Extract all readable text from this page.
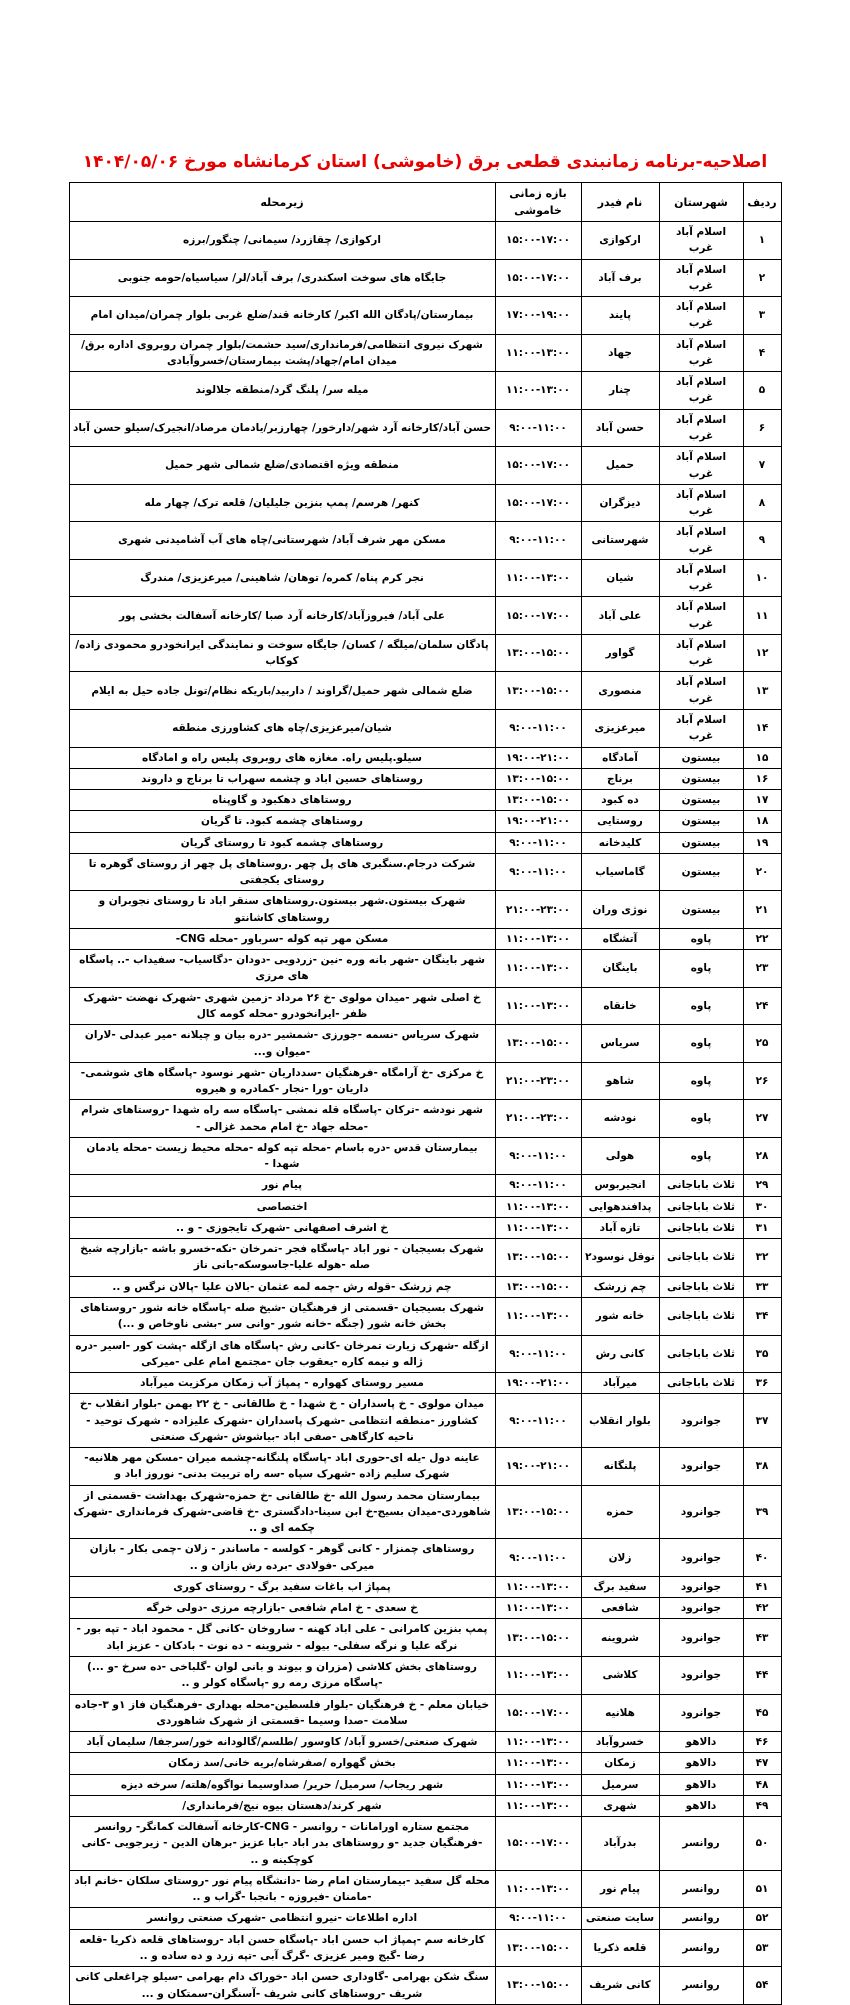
اصلاحیه-برنامه زمانبندی قطعی برق (خاموشی) استان کرمانشاه مورخ ۱۴۰۴/۰۵/۰۶
ردیف	شهرستان	نام فیدر	بازه زمانی خاموشی	زیرمحله
۱	اسلام آباد غرب	ارکوازی	۱۵:۰۰-۱۷:۰۰	ارکوازی/ چقازرد/ سیمانی/ چنگور/برزه
۲	اسلام آباد غرب	برف آباد	۱۵:۰۰-۱۷:۰۰	جایگاه های سوخت اسکندری/ برف آباد/لر/ سیاسیاه/حومه جنوبی
۳	اسلام آباد غرب	پایند	۱۷:۰۰-۱۹:۰۰	بیمارستان/پادگان الله اکبر/ کارخانه قند/ضلع غربی بلوار چمران/میدان امام
۴	اسلام آباد غرب	جهاد	۱۱:۰۰-۱۳:۰۰	شهرک نیروی انتظامی/فرمانداری/سید حشمت/بلوار چمران روبروی اداره برق/میدان امام/جهاد/پشت بیمارستان/خسروآبادی
۵	اسلام آباد غرب	چنار	۱۱:۰۰-۱۳:۰۰	میله سر/ پلنگ گرد/منطقه جلالوند
۶	اسلام آباد غرب	حسن آباد	۹:۰۰-۱۱:۰۰	حسن آباد/کارخانه آرد شهر/دارخور/ چهارزبر/یادمان مرصاد/انجیرک/سیلو حسن آباد
۷	اسلام آباد غرب	حمیل	۱۵:۰۰-۱۷:۰۰	منطقه ویژه اقتصادی/ضلع شمالی شهر حمیل
۸	اسلام آباد غرب	دیزگران	۱۵:۰۰-۱۷:۰۰	کنهر/ هرسم/ پمپ بنزین جلیلیان/ قلعه ترک/ چهار مله
۹	اسلام آباد غرب	شهرستانی	۹:۰۰-۱۱:۰۰	مسکن مهر شرف آباد/ شهرستانی/چاه های آب آشامیدنی شهری
۱۰	اسلام آباد غرب	شیان	۱۱:۰۰-۱۳:۰۰	نجر کرم پناه/ کمره/ توهان/ شاهینی/ میرعزیزی/ مندرگ
۱۱	اسلام آباد غرب	علی آباد	۱۵:۰۰-۱۷:۰۰	علی آباد/ فیروزآباد/کارخانه آرد صبا /کارخانه آسفالت بخشی پور
۱۲	اسلام آباد غرب	گواور	۱۳:۰۰-۱۵:۰۰	پادگان سلمان/میلگه / کسان/ جایگاه سوخت و نمایندگی ایرانخودرو محمودی زاده/کوکاب
۱۳	اسلام آباد غرب	منصوری	۱۳:۰۰-۱۵:۰۰	ضلع شمالی شهر حمیل/گراوند / داربید/باریکه نظام/تونل جاده حیل به ایلام
۱۴	اسلام آباد غرب	میرعزیزی	۹:۰۰-۱۱:۰۰	شیان/میرعزیزی/چاه های کشاورزی منطقه
۱۵	بیستون	آمادگاه	۱۹:۰۰-۲۱:۰۰	سیلو.پلیس راه. مغازه های روبروی پلیس راه و امادگاه
۱۶	بیستون	برناج	۱۳:۰۰-۱۵:۰۰	روستاهای حسین اباد و چشمه سهراب تا برناج و داروند
۱۷	بیستون	ده کبود	۱۳:۰۰-۱۵:۰۰	روستاهای دهکبود و گاوپناه
۱۸	بیستون	روستایی	۱۹:۰۰-۲۱:۰۰	روستاهای چشمه کبود. تا گریان
۱۹	بیستون	کلیدخانه	۹:۰۰-۱۱:۰۰	روستاهای چشمه کبود تا روستای گریان
۲۰	بیستون	گاماسیاب	۹:۰۰-۱۱:۰۰	شرکت درجام.سنگبری های پل چهر .روستاهای پل چهر از روستای گوهره تا روستای یکجفتی
۲۱	بیستون	نوژی وران	۲۱:۰۰-۲۳:۰۰	شهرک بیستون.شهر بیستون.روستاهای سنقر اباد تا روستای نجوبران و روستاهای کاشانتو
۲۲	پاوه	آتشگاه	۱۱:۰۰-۱۳:۰۰	مسکن مهر تپه کوله -سرباور -محله CNG-
۲۳	پاوه	باینگان	۱۱:۰۰-۱۳:۰۰	شهر باینگان -شهر بانه وره -نین -زردویی -دودان -دگاسیاب- سفیداب -.. پاسگاه های مرزی
۲۴	پاوه	خانقاه	۱۱:۰۰-۱۳:۰۰	خ اصلی شهر -میدان مولوی -خ ۲۶ مرداد -زمین شهری -شهرک نهضت -شهرک ظفر -ایرانخودرو -محله کومه کال
۲۵	پاوه	سریاس	۱۳:۰۰-۱۵:۰۰	شهرک سریاس -نسمه -جورزی -شمشیر -دره بیان و چیلانه -میر عبدلی -لاران -میوان و...
۲۶	پاوه	شاهو	۲۱:۰۰-۲۳:۰۰	خ مرکزی -خ آرامگاه -فرهنگیان -سدداریان -شهر نوسود -پاسگاه های شوشمی-داریان -ورا -نجار -کمادره و هیروه
۲۷	پاوه	نودشه	۲۱:۰۰-۲۳:۰۰	شهر نودشه -ترکان -پاسگاه قله نمشی -پاسگاه سه راه شهدا -روستاهای شرام -محله جهاد -خ امام محمد غزالی -
۲۸	پاوه	هولی	۹:۰۰-۱۱:۰۰	بیمارستان قدس -دره باسام -محله تپه کوله -محله محیط زیست -محله یادمان شهدا -
۲۹	ثلاث باباجانی	انجیربوس	۹:۰۰-۱۱:۰۰	پیام نور
۳۰	ثلاث باباجانی	پدافندهوایی	۱۱:۰۰-۱۳:۰۰	اختصاصی
۳۱	ثلاث باباجانی	تازه آباد	۱۱:۰۰-۱۳:۰۰	خ اشرف اصفهانی -شهرک تایجوزی - و ..
۳۲	ثلاث باباجانی	نوقل نوسود۲	۱۳:۰۰-۱۵:۰۰	شهرک بسیجیان - نور اباد -پاسگاه فجر -تمرخان -نکه-خسرو باشه -بازارچه شیخ صله -هوله علیا-جاسوسکه-بانی ناز
۳۳	ثلاث باباجانی	چم زرشک	۱۳:۰۰-۱۵:۰۰	چم زرشک -قوله رش -چمه لمه عثمان -بالان علیا -پالان نرگس و ..
۳۴	ثلاث باباجانی	خانه شور	۱۱:۰۰-۱۳:۰۰	شهرک بسیجیان -قسمتی از فرهنگیان -شیخ صله -پاسگاه خانه شور -روستاهای بخش خانه شور (جنگه -خانه شور -وانی سر -بشی ناوخاص و ...)
۳۵	ثلاث باباجانی	کانی رش	۹:۰۰-۱۱:۰۰	ازگله -شهرک زیارت تمرخان -کانی رش -پاسگاه های ازگله -پشت کور -اسیر -دره ژاله و نیمه کاره -یعقوب جان -مجتمع امام علی -میرکی
۳۶	ثلاث باباجانی	میرآباد	۱۹:۰۰-۲۱:۰۰	مسیر روستای کهواره - پمپاژ آب زمکان مرکزیت میرآباد
۳۷	جوانرود	بلوار انقلاب	۹:۰۰-۱۱:۰۰	میدان مولوی - خ پاسداران - خ شهدا - خ طالقانی - خ ۲۲ بهمن -بلوار انقلاب -خ کشاورز -منطقه انتظامی -شهرک پاسداران -شهرک علیزاده - شهرک توحید - ناحیه کارگاهی -صفی اباد -بیاشوش -شهرک صنعتی
۳۸	جوانرود	پلنگانه	۱۹:۰۰-۲۱:۰۰	عاینه دول -یله ای-حوری اباد -پاسگاه پلنگانه-چشمه میران -مسکن مهر هلانیه-شهرک سلیم زاده -شهرک سپاه -سه راه تربیت بدنی- نوروز اباد و
۳۹	جوانرود	حمزه	۱۳:۰۰-۱۵:۰۰	بیمارستان محمد رسول الله -خ طالقانی -خ حمزه-شهرک بهداشت -قسمتی از شاهوردی-میدان بسیج-خ ابن سینا-دادگستری -خ قاضی-شهرک فرمانداری -شهرک چکمه ای و ..
۴۰	جوانرود	زلان	۹:۰۰-۱۱:۰۰	روستاهای چمنزار - کانی گوهر - کولسه - ماساندر - زلان -چمی بکار - بازان میرکی -فولادی -برده رش بازان و ..
۴۱	جوانرود	سفید برگ	۱۱:۰۰-۱۳:۰۰	پمپاژ اب باغات سفید برگ - روستای کوری
۴۲	جوانرود	شافعی	۱۱:۰۰-۱۳:۰۰	خ سعدی - خ امام شافعی -بازارچه مرزی -دولی خرگه
۴۳	جوانرود	شروینه	۱۳:۰۰-۱۵:۰۰	پمپ بنزین کامرانی - علی اباد کهنه - ساروخان -کانی گل - محمود اباد - تپه بور - نرگه علیا و نرگه سفلی- بیوله - شروینه - ده نوت - بادکان - عزیز اباد
۴۴	جوانرود	کلاشی	۱۱:۰۰-۱۳:۰۰	روستاهای بخش کلاشی (مزران و بیوند و بانی لوان -گلباخی -ده سرخ -و ...) -پاسگاه مرزی رمه رو -پاسگاه کولر و ..
۴۵	جوانرود	هلانیه	۱۵:۰۰-۱۷:۰۰	خیابان معلم - خ فرهنگیان -بلوار فلسطین-محله بهداری -فرهنگیان فاز ۱و ۳-جاده سلامت -صدا وسیما -قسمتی از شهرک شاهوردی
۴۶	دالاهو	خسروآباد	۱۱:۰۰-۱۳:۰۰	شهرک صنعتی/خسرو آباد/ کاوسور /طلسم/گالودانه خور/سرجفا/ سلیمان آباد
۴۷	دالاهو	زمکان	۱۱:۰۰-۱۳:۰۰	بخش گهواره /صفرشاه/بریه خانی/سد زمکان
۴۸	دالاهو	سرمیل	۱۱:۰۰-۱۳:۰۰	شهر ریجاب/ سرمیل/ حریر/ صداوسیما نواگوه/هلته/ سرخه دیزه
۴۹	دالاهو	شهری	۱۱:۰۰-۱۳:۰۰	شهر کرند/دهستان بیوه نیج/فرمانداری/
۵۰	روانسر	بدرآباد	۱۵:۰۰-۱۷:۰۰	مجتمع ستاره اورامانات - روانسر - CNG-کارخانه آسفالت کمانگر- روانسر -فرهنگیان جدید -و روستاهای بدر اباد -بابا عزیز -برهان الدین - زیرجویی -کانی کوچکینه و ..
۵۱	روانسر	پیام نور	۱۱:۰۰-۱۳:۰۰	محله گل سفید -بیمارستان امام رضا -دانشگاه پیام نور -روستای سلکان -خانم اباد -مامنان -فیروزه - بانجبا -گراب و ..
۵۲	روانسر	سایت صنعتی	۹:۰۰-۱۱:۰۰	اداره اطلاعات -نیرو انتظامی -شهرک صنعتی روانسر
۵۳	روانسر	قلعه ذکریا	۱۳:۰۰-۱۵:۰۰	کارخانه سم -پمپاژ اب حسن اباد -پاسگاه حسن اباد -روستاهای قلعه ذکریا -قلعه رضا -گیج ومیر عزیزی -گرگ آبی -تپه زرد و ده ساده و ..
۵۴	روانسر	کانی شریف	۱۳:۰۰-۱۵:۰۰	سنگ شکن بهرامی -گاوداری حسن اباد -خوراک دام بهرامی -سیلو چراغعلی کانی شریف -روستاهای کانی شریف -آسنگران-سمتکان و ...
